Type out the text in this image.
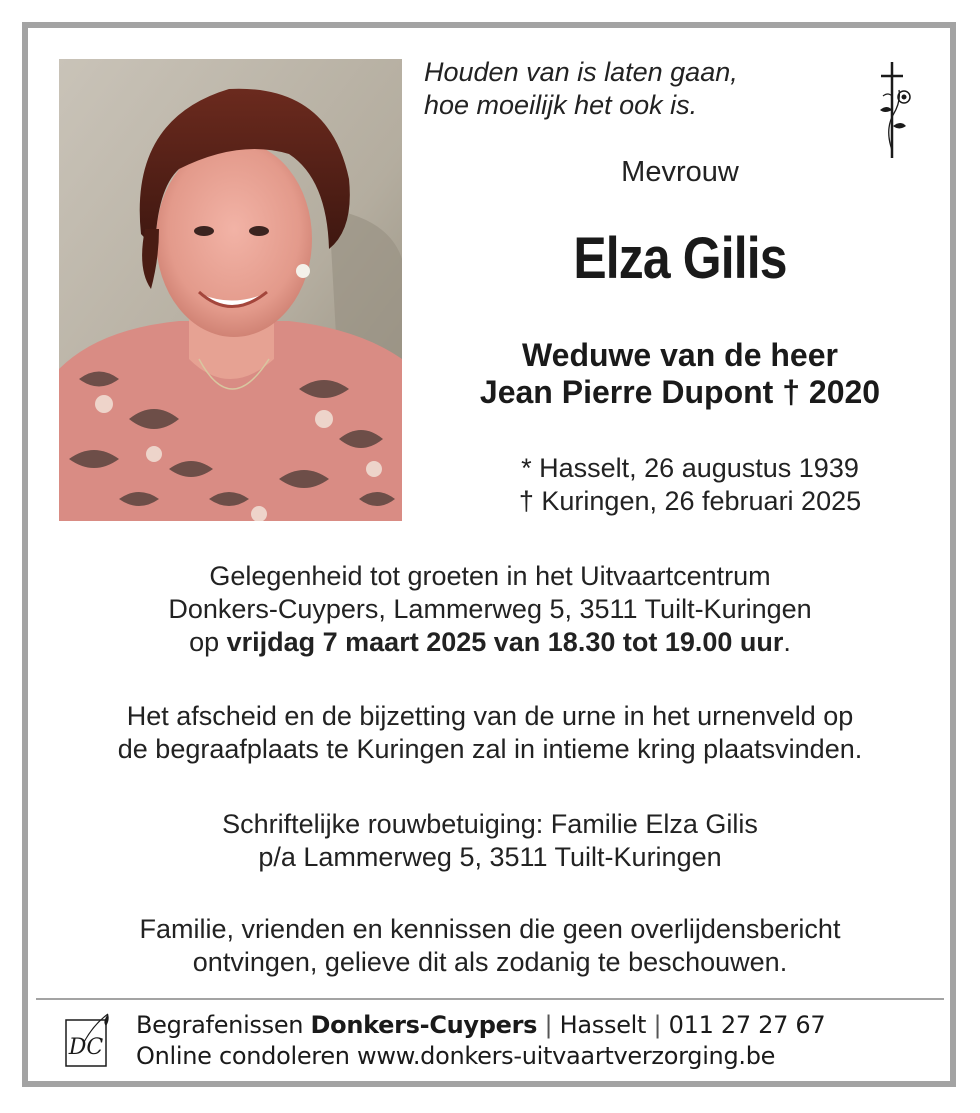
Houden van is laten gaan,
hoe moeilijk het ook is.
Mevrouw
Elza Gilis
Weduwe van de heer
Jean Pierre Dupont † 2020
* Hasselt, 26 augustus 1939
† Kuringen, 26 februari 2025
Gelegenheid tot groeten in het Uitvaartcentrum
Donkers-Cuypers, Lammerweg 5, 3511 Tuilt-Kuringen
op vrijdag 7 maart 2025 van 18.30 tot 19.00 uur.
Het afscheid en de bijzetting van de urne in het urnenveld op
de begraafplaats te Kuringen zal in intieme kring plaatsvinden.
Schriftelijke rouwbetuiging: Familie Elza Gilis
p/a Lammerweg 5, 3511 Tuilt-Kuringen
Familie, vrienden en kennissen die geen overlijdensbericht
ontvingen, gelieve dit als zodanig te beschouwen.
DC
Begrafenissen Donkers-Cuypers | Hasselt | 011 27 27 67
Online condoleren www.donkers-uitvaartverzorging.be
